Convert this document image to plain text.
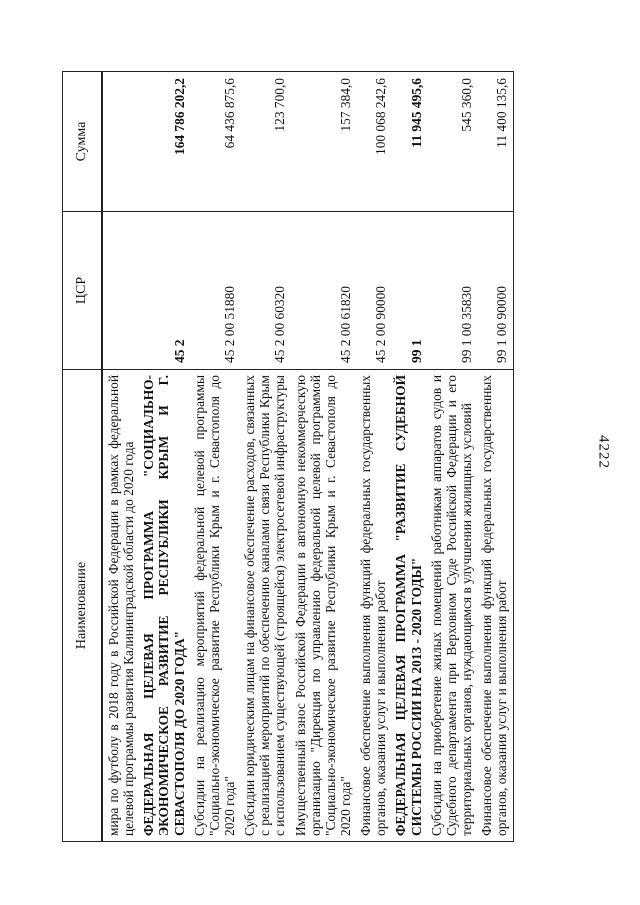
4222
Наименование	ЦСР	Сумма
мира по футболу в 2018 году в Российской Федерации в рамках федеральной целевой программы развития Калининградской области до 2020 года		
ФЕДЕРАЛЬНАЯ ЦЕЛЕВАЯ ПРОГРАММА "СОЦИАЛЬНО-ЭКОНОМИЧЕСКОЕ РАЗВИТИЕ РЕСПУБЛИКИ КРЫМ И Г. СЕВАСТОПОЛЯ ДО 2020 ГОДА"	45 2	164 786 202,2
Субсидии на реализацию мероприятий федеральной целевой программы "Социально-экономическое развитие Республики Крым и г. Севастополя до 2020 года"	45 2 00 51880	64 436 875,6
Субсидии юридическим лицам на финансовое обеспечение расходов, связанных с реализацией мероприятий по обеспечению каналами связи Республики Крым с использованием существующей (строящейся) электросетевой инфраструктуры	45 2 00 60320	123 700,0
Имущественный взнос Российской Федерации в автономную некоммерческую организацию "Дирекция по управлению федеральной целевой программой "Социально-экономическое развитие Республики Крым и г. Севастополя до 2020 года"	45 2 00 61820	157 384,0
Финансовое обеспечение выполнения функций федеральных государственных органов, оказания услуг и выполнения работ	45 2 00 90000	100 068 242,6
ФЕДЕРАЛЬНАЯ ЦЕЛЕВАЯ ПРОГРАММА "РАЗВИТИЕ СУДЕБНОЙ СИСТЕМЫ РОССИИ НА 2013 - 2020 ГОДЫ"	99 1	11 945 495,6
Субсидии на приобретение жилых помещений работникам аппаратов судов и Судебного департамента при Верховном Суде Российской Федерации и его территориальных органов, нуждающимся в улучшении жилищных условий	99 1 00 35830	545 360,0
Финансовое обеспечение выполнения функций федеральных государственных органов, оказания услуг и выполнения работ	99 1 00 90000	11 400 135,6
